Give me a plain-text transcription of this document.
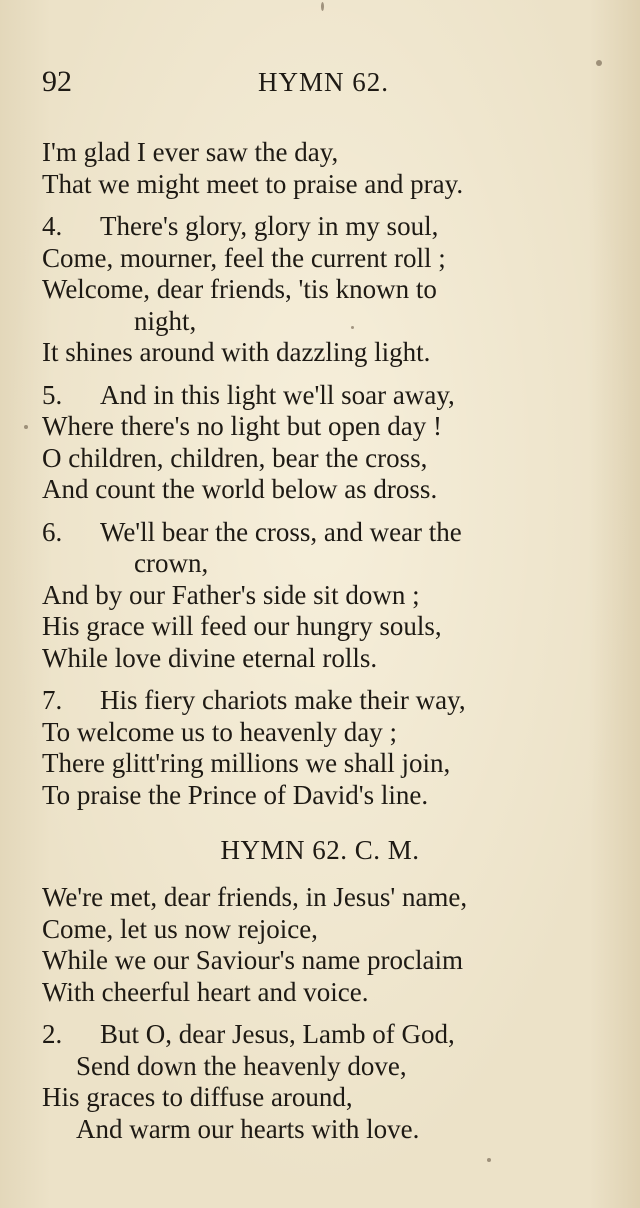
92	HYMN 62.
I'm glad I ever saw the day,
That we might meet to praise and pray.
4. There's glory, glory in my soul,
Come, mourner, feel the current roll ;
Welcome, dear friends, 'tis known to
night,
It shines around with dazzling light.
5. And in this light we'll soar away,
Where there's no light but open day !
O children, children, bear the cross,
And count the world below as dross.
6. We'll bear the cross, and wear the
crown,
And by our Father's side sit down ;
His grace will feed our hungry souls,
While love divine eternal rolls.
7. His fiery chariots make their way,
To welcome us to heavenly day ;
There glitt'ring millions we shall join,
To praise the Prince of David's line.
HYMN 62. C. M.
We're met, dear friends, in Jesus' name,
Come, let us now rejoice,
While we our Saviour's name proclaim
With cheerful heart and voice.
2. But O, dear Jesus, Lamb of God,
Send down the heavenly dove,
His graces to diffuse around,
And warm our hearts with love.
